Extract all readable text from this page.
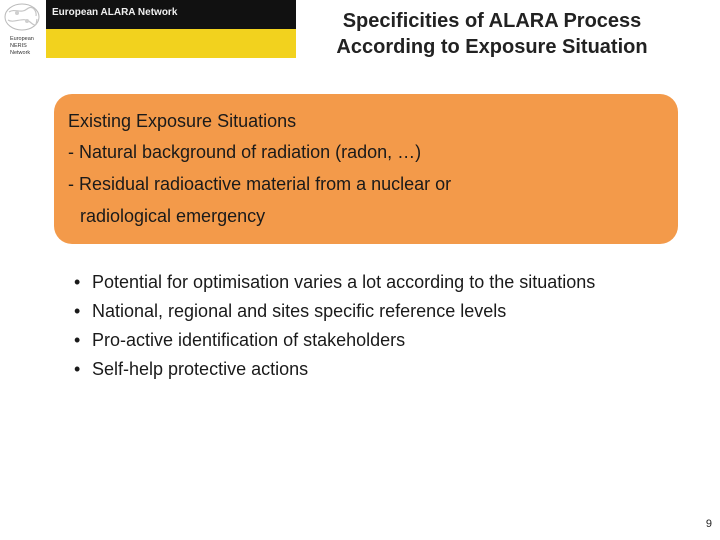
European NERIS Network
European ALARA Network	Specificities of ALARA Process
According to Exposure Situation
Existing Exposure Situations
- Natural background of radiation (radon, …)
- Residual radioactive material from a nuclear or
radiological emergency
• Potential for optimisation varies a lot according to the situations
• National, regional and sites specific reference levels
• Pro-active identification of stakeholders
• Self-help protective actions
9
